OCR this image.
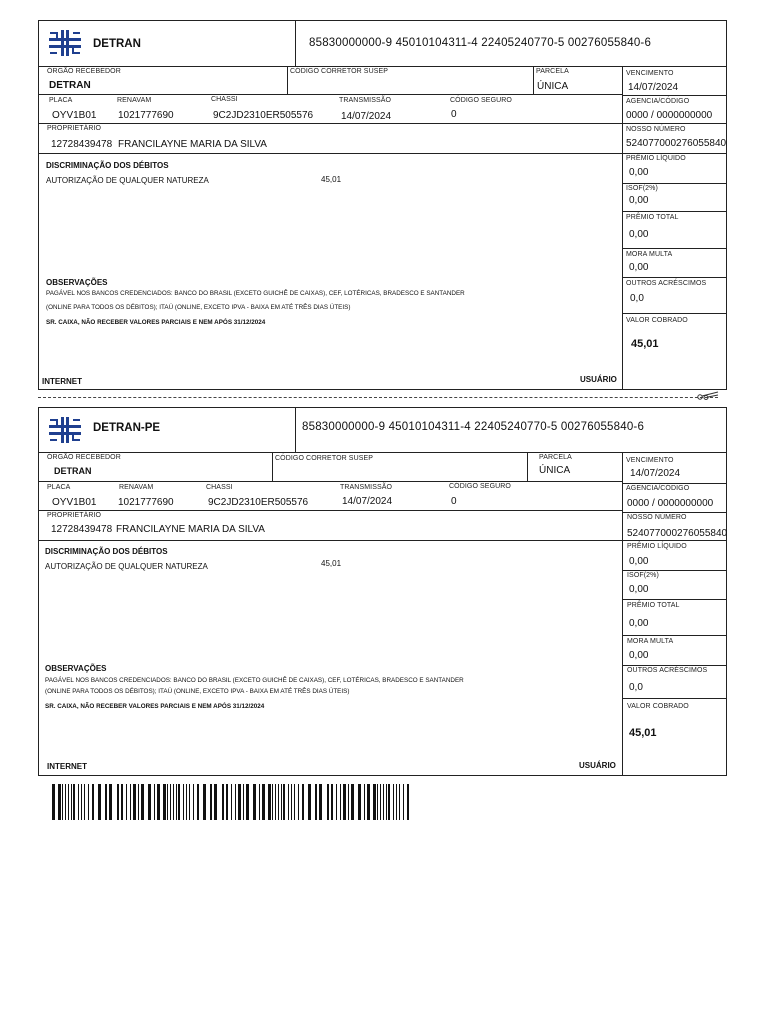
DETRAN	85830000000-9 45010104311-4 22405240770-5 00276055840-6
ÓRGÃO RECEBEDOR
DETRAN
CÓDIGO CORRETOR SUSEP	PARCELA
ÚNICA
VENCIMENTO
14/07/2024
PLACA
OYV1B01
RENAVAM
1021777690
CHASSI
9C2JD2310ER505576
TRANSMISSÃO
14/07/2024
CÓDIGO SEGURO
0
AGENCIA/CÓDIGO
0000 / 0000000000
PROPRIETÁRIO
12728439478 FRANCILAYNE MARIA DA SILVA
NOSSO NÚMERO
524077000276055840
DISCRIMINAÇÃO DOS DÉBITOS
AUTORIZAÇÃO DE QUALQUER NATUREZA	45,01
OBSERVAÇÕES
PAGÁVEL NOS BANCOS CREDENCIADOS: BANCO DO BRASIL (EXCETO GUICHÊ DE CAIXAS), CEF, LOTÉRICAS, BRADESCO E SANTANDER
(ONLINE PARA TODOS OS DÉBITOS); ITAÚ (ONLINE, EXCETO IPVA - BAIXA EM ATÉ TRÊS DIAS ÚTEIS)
SR. CAIXA, NÃO RECEBER VALORES PARCIAIS E NEM APÓS 31/12/2024
INTERNET	USUÁRIO
PRÊMIO LÍQUIDO
0,00
ISOF(2%)
0,00
PRÊMIO TOTAL
0,00
MORA MULTA
0,00
OUTROS ACRÉSCIMOS
0,0
VALOR COBRADO
45,01
DETRAN-PE	85830000000-9 45010104311-4 22405240770-5 00276055840-6
ÓRGÃO RECEBEDOR
DETRAN
CÓDIGO CORRETOR SUSEP	PARCELA
ÚNICA
VENCIMENTO
14/07/2024
PLACA
OYV1B01
RENAVAM
1021777690
CHASSI
9C2JD2310ER505576
TRANSMISSÃO
14/07/2024
CÓDIGO SEGURO
0
AGENCIA/CÓDIGO
0000 / 0000000000
PROPRIETÁRIO
12728439478 FRANCILAYNE MARIA DA SILVA
NOSSO NÚMERO
524077000276055840
DISCRIMINAÇÃO DOS DÉBITOS
AUTORIZAÇÃO DE QUALQUER NATUREZA	45,01
OBSERVAÇÕES
PAGÁVEL NOS BANCOS CREDENCIADOS: BANCO DO BRASIL (EXCETO GUICHÊ DE CAIXAS), CEF, LOTÉRICAS, BRADESCO E SANTANDER
(ONLINE PARA TODOS OS DÉBITOS); ITAÚ (ONLINE, EXCETO IPVA - BAIXA EM ATÉ TRÊS DIAS ÚTEIS)
SR. CAIXA, NÃO RECEBER VALORES PARCIAIS E NEM APÓS 31/12/2024
INTERNET	USUÁRIO
PRÊMIO LÍQUIDO
0,00
ISOF(2%)
0,00
PRÊMIO TOTAL
0,00
MORA MULTA
0,00
OUTROS ACRÉSCIMOS
0,0
VALOR COBRADO
45,01
